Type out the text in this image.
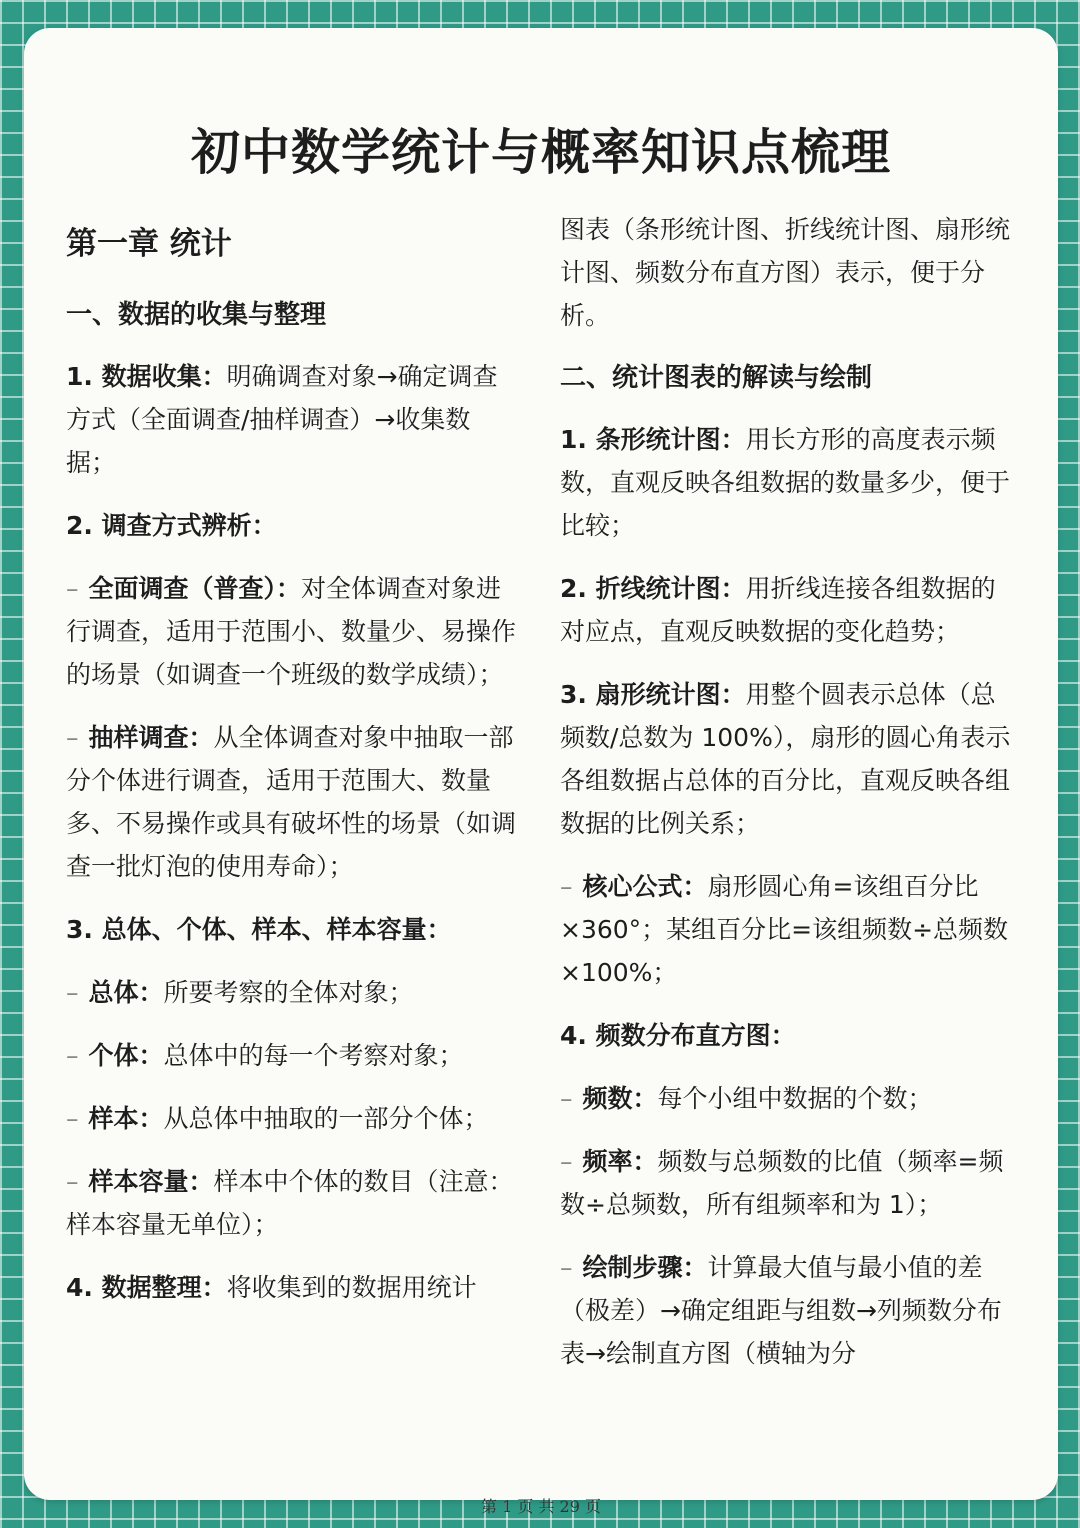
初中数学统计与概率知识点梳理
第一章 统计
一、数据的收集与整理
1. 数据收集：明确调查对象→确定调查方式（全面调查/抽样调查）→收集数据；
2. 调查方式辨析：
– 全面调查（普查）：对全体调查对象进行调查，适用于范围小、数量少、易操作的场景（如调查一个班级的数学成绩）；
– 抽样调查：从全体调查对象中抽取一部分个体进行调查，适用于范围大、数量多、不易操作或具有破坏性的场景（如调查一批灯泡的使用寿命）；
3. 总体、个体、样本、样本容量：
– 总体：所要考察的全体对象；
– 个体：总体中的每一个考察对象；
– 样本：从总体中抽取的一部分个体；
– 样本容量：样本中个体的数目（注意：样本容量无单位）；
4. 数据整理：将收集到的数据用统计
图表（条形统计图、折线统计图、扇形统计图、频数分布直方图）表示，便于分析。
二、统计图表的解读与绘制
1. 条形统计图：用长方形的高度表示频数，直观反映各组数据的数量多少，便于比较；
2. 折线统计图：用折线连接各组数据的对应点，直观反映数据的变化趋势；
3. 扇形统计图：用整个圆表示总体（总频数/总数为 100%），扇形的圆心角表示各组数据占总体的百分比，直观反映各组数据的比例关系；
– 核心公式：扇形圆心角=该组百分比×360°；某组百分比=该组频数÷总频数×100%；
4. 频数分布直方图：
– 频数：每个小组中数据的个数；
– 频率：频数与总频数的比值（频率=频数÷总频数，所有组频率和为 1）；
– 绘制步骤：计算最大值与最小值的差（极差）→确定组距与组数→列频数分布表→绘制直方图（横轴为分
第 1 页 共 29 页
